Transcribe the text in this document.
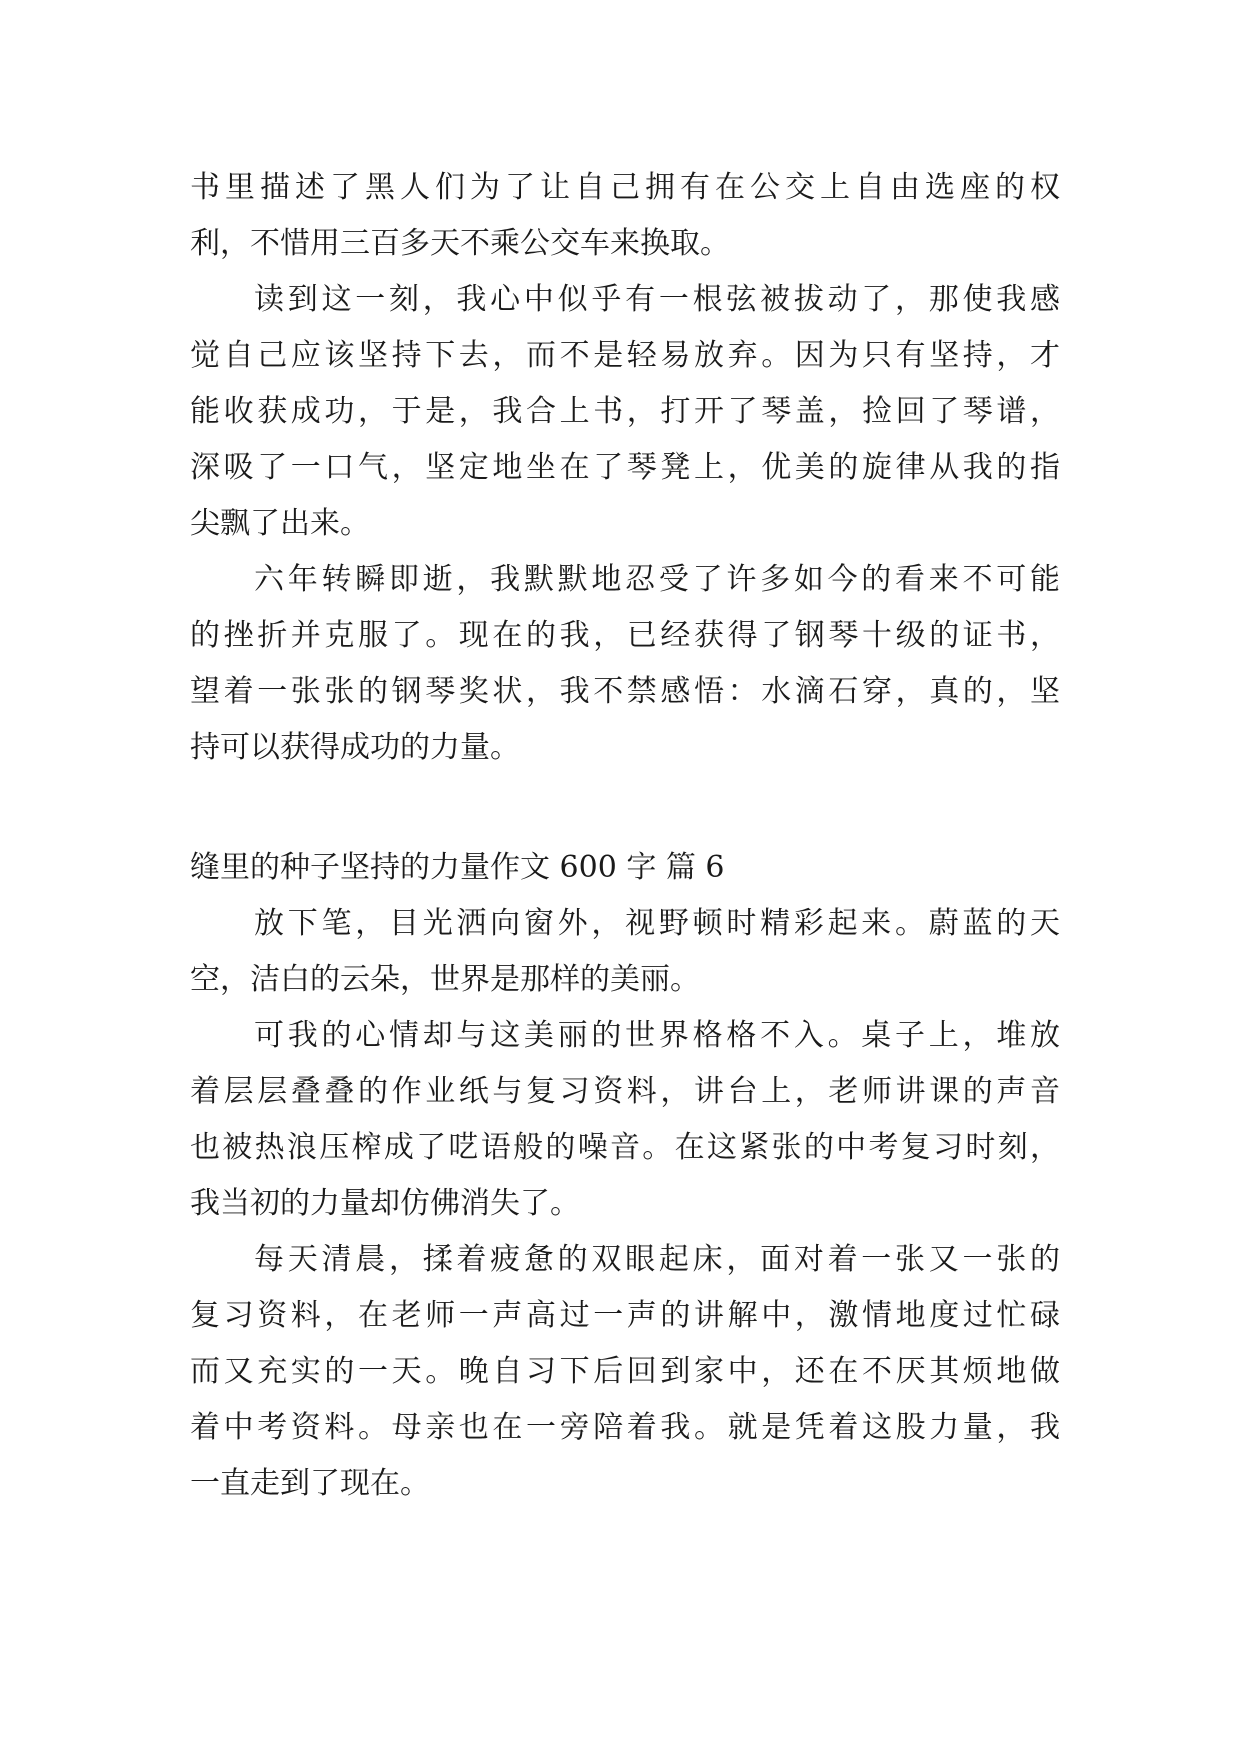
书里描述了黑人们为了让自己拥有在公交上自由选座的权
利，不惜用三百多天不乘公交车来换取。
读到这一刻，我心中似乎有一根弦被拔动了，那使我感
觉自己应该坚持下去，而不是轻易放弃。因为只有坚持，才
能收获成功，于是，我合上书，打开了琴盖，捡回了琴谱，
深吸了一口气，坚定地坐在了琴凳上，优美的旋律从我的指
尖飘了出来。
六年转瞬即逝，我默默地忍受了许多如今的看来不可能
的挫折并克服了。现在的我，已经获得了钢琴十级的证书，
望着一张张的钢琴奖状，我不禁感悟：水滴石穿，真的，坚
持可以获得成功的力量。
缝里的种子坚持的力量作文 600 字 篇 6
放下笔，目光洒向窗外，视野顿时精彩起来。蔚蓝的天
空，洁白的云朵，世界是那样的美丽。
可我的心情却与这美丽的世界格格不入。桌子上，堆放
着层层叠叠的作业纸与复习资料，讲台上，老师讲课的声音
也被热浪压榨成了呓语般的噪音。在这紧张的中考复习时刻，
我当初的力量却仿佛消失了。
每天清晨，揉着疲惫的双眼起床，面对着一张又一张的
复习资料，在老师一声高过一声的讲解中，激情地度过忙碌
而又充实的一天。晚自习下后回到家中，还在不厌其烦地做
着中考资料。母亲也在一旁陪着我。就是凭着这股力量，我
一直走到了现在。
